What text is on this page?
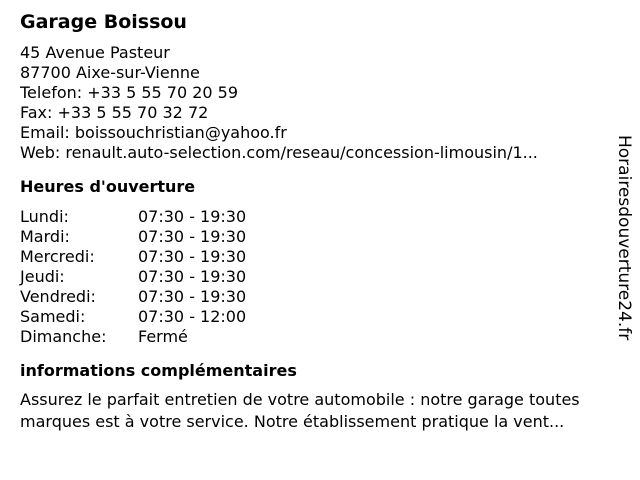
Garage Boissou
45 Avenue Pasteur
87700 Aixe-sur-Vienne
Telefon: +33 5 55 70 20 59
Fax: +33 5 55 70 32 72
Email: boissouchristian@yahoo.fr
Web: renault.auto-selection.com/reseau/concession-limousin/1...
Heures d'ouverture
Lundi:	07:30 - 19:30
Mardi:	07:30 - 19:30
Mercredi:	07:30 - 19:30
Jeudi:	07:30 - 19:30
Vendredi:	07:30 - 19:30
Samedi:	07:30 - 12:00
Dimanche:	Fermé
informations complémentaires
Assurez le parfait entretien de votre automobile : notre garage toutes marques est à votre service. Notre établissement pratique la vent...
Horairesdouverture24.fr
